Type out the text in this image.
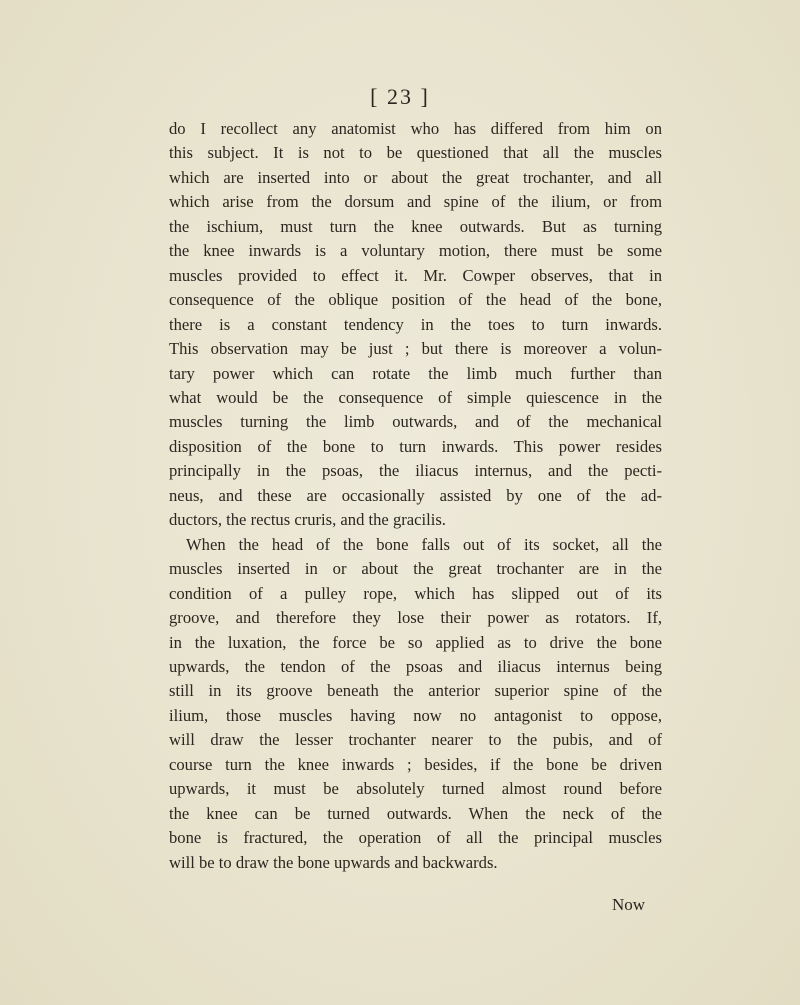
[ 23 ]
do I recollect any anatomist who has differed from him on
this subject. It is not to be questioned that all the muscles
which are inserted into or about the great trochanter, and all
which arise from the dorsum and spine of the ilium, or from
the ischium, must turn the knee outwards. But as turning
the knee inwards is a voluntary motion, there must be some
muscles provided to effect it. Mr. Cowper observes, that in
consequence of the oblique position of the head of the bone,
there is a constant tendency in the toes to turn inwards.
This observation may be just ; but there is moreover a volun-
tary power which can rotate the limb much further than
what would be the consequence of simple quiescence in the
muscles turning the limb outwards, and of the mechanical
disposition of the bone to turn inwards. This power resides
principally in the psoas, the iliacus internus, and the pecti-
neus, and these are occasionally assisted by one of the ad-
ductors, the rectus cruris, and the gracilis.
When the head of the bone falls out of its socket, all the
muscles inserted in or about the great trochanter are in the
condition of a pulley rope, which has slipped out of its
groove, and therefore they lose their power as rotators. If,
in the luxation, the force be so applied as to drive the bone
upwards, the tendon of the psoas and iliacus internus being
still in its groove beneath the anterior superior spine of the
ilium, those muscles having now no antagonist to oppose,
will draw the lesser trochanter nearer to the pubis, and of
course turn the knee inwards ; besides, if the bone be driven
upwards, it must be absolutely turned almost round before
the knee can be turned outwards. When the neck of the
bone is fractured, the operation of all the principal muscles
will be to draw the bone upwards and backwards.
Now
